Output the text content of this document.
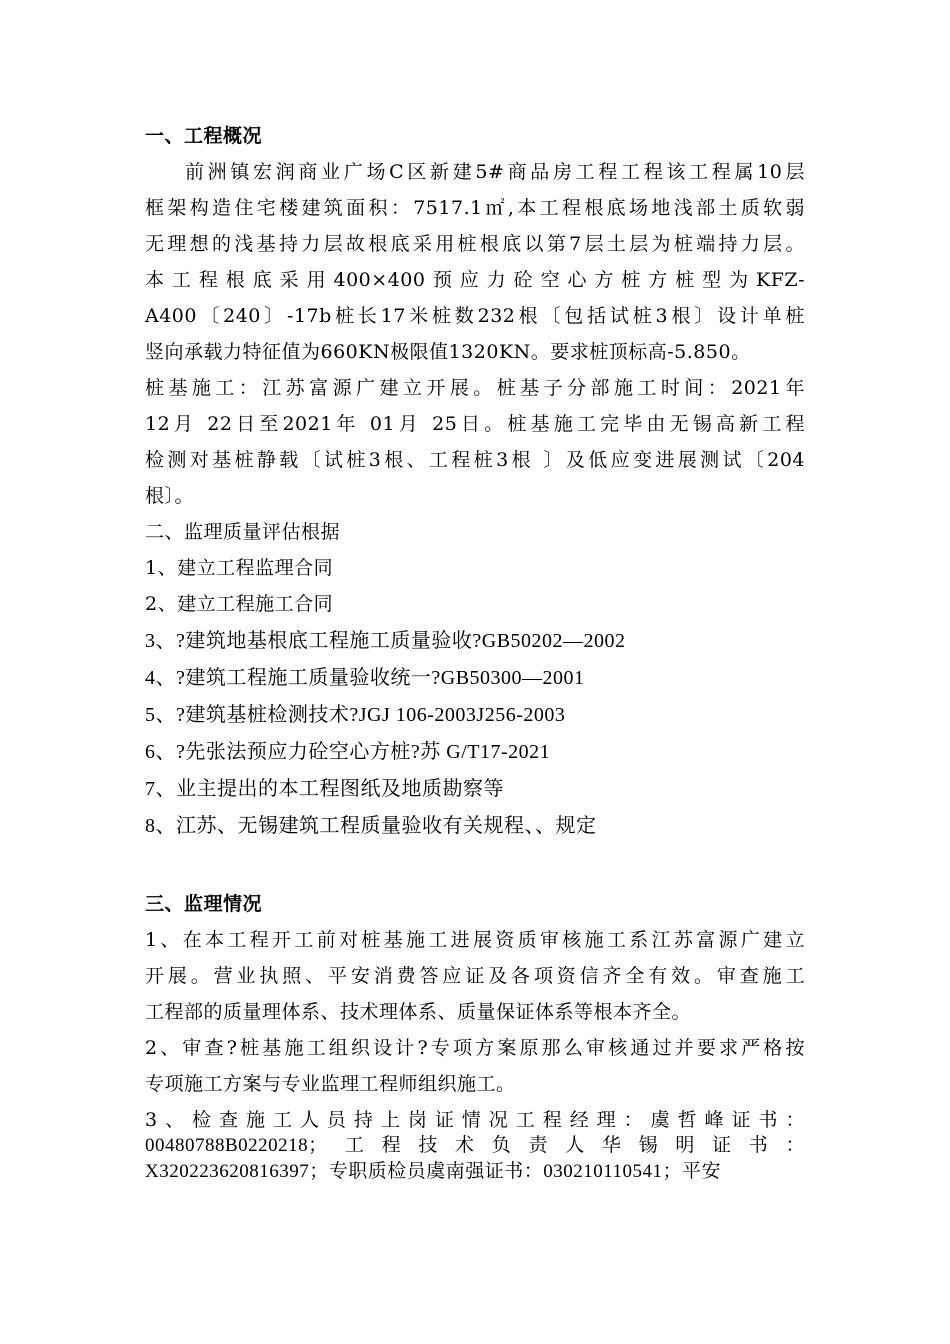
一、工程概况
前洲镇宏润商业广场C区新建5#商品房工程工程该工程属10层
框架构造住宅楼建筑面积：7517.1㎡,本工程根底场地浅部土质软弱
无理想的浅基持力层故根底采用桩根底以第7层土层为桩端持力层。
本工程根底采用400×400预应力砼空心方桩方桩型为KFZ-
A400〔240〕-17b桩长17米桩数232根〔包括试桩3根〕设计单桩
竖向承载力特征值为660KN极限值1320KN。要求桩顶标高-5.850。
桩基施工：江苏富源广建立开展。桩基子分部施工时间：2021年
12月 22日至2021年 01月 25日。桩基施工完毕由无锡高新工程
检测对基桩静载〔试桩3根、工程桩3根 〕及低应变进展测试〔204
根〕。
二、监理质量评估根据
1、建立工程监理合同
2、建立工程施工合同
3、?建筑地基根底工程施工质量验收?GB50202—2002
4、?建筑工程施工质量验收统一?GB50300—2001
5、?建筑基桩检测技术?JGJ 106-2003J256-2003
6、?先张法预应力砼空心方桩?苏 G/T17-2021
7、业主提出的本工程图纸及地质勘察等
8、江苏、无锡建筑工程质量验收有关规程、、规定
三、监理情况
1、在本工程开工前对桩基施工进展资质审核施工系江苏富源广建立
开展。营业执照、平安消费答应证及各项资信齐全有效。审查施工
工程部的质量理体系、技术理体系、质量保证体系等根本齐全。
2、审查?桩基施工组织设计?专项方案原那么审核通过并要求严格按
专项施工方案与专业监理工程师组织施工。
3、检查施工人员持上岗证情况工程经理：虞哲峰证书：
00480788B0220218；工程技术负责人华锡明证书：
X320223620816397；专职质检员虞南强证书：030210110541；平安
